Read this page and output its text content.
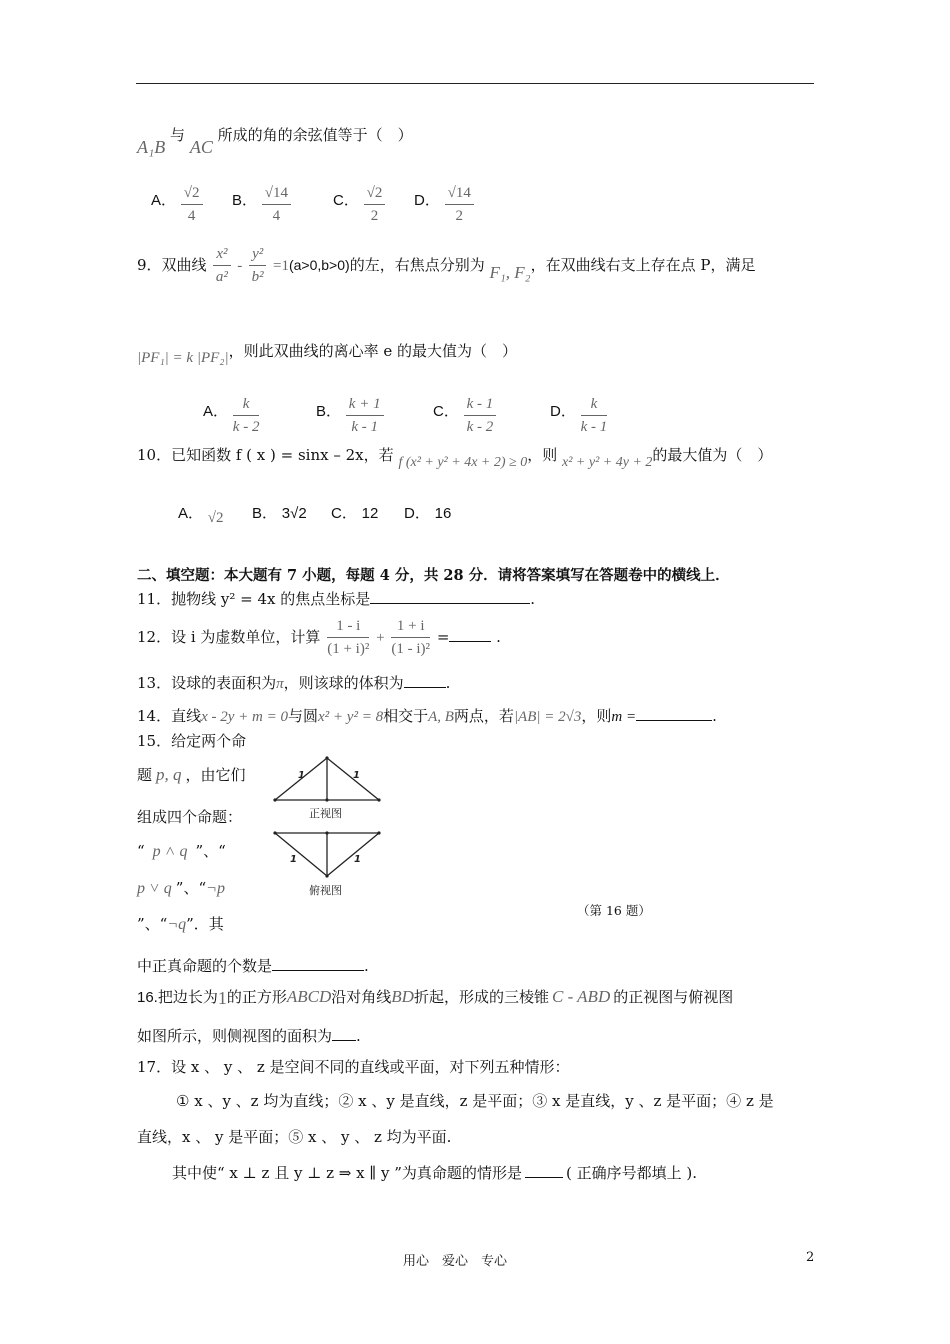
A₁B 与 AC 所成的角的余弦值等于（　）
A． $\frac{√2}{4}$ B． $\frac{√14}{4}$	C． $\frac{√2}{2}$ D． $\frac{√14}{2}$
9．双曲线 $\frac{\text{x²}}{\text{a²}} - \frac{\text{y²}}{\text{b²}} =1(a>0,b>0)$的左，右焦点分别为 F₁, F₂，在双曲线右支上存在点 P，满足
|PF₁| = k |PF₂|，则此双曲线的离心率 e 的最大值为（　）
A． $\frac{k}{k - 2}$	B． $\frac{k + 1}{k - 1}$	C． $\frac{k - 1}{k - 2}$	D． $\frac{k}{k - 1}$
10．已知函数 f ( x ) = sinx – 2x，若 f (x² + y² + 4x + 2) ≥ 0，则 x² + y² + 4y + 2的最大值为（　）
A． √2 B． 3√2 C． 12 D． 16
二、填空题：本大题有 7 小题，每题 4 分，共 28 分．请将答案填写在答题卷中的横线上．
11．抛物线 y² = 4x 的焦点坐标是	.
12．设 i 为虚数单位，计算 $\frac{1 - i}{\text{(1 + i)²}} + \frac{1 + i}{\text{(1 - i)²}}$ =	.
13．设球的表面积为π，则该球的体积为	.
14．直线x - 2y + m = 0与圆x² + y² = 8相交于A, B两点，若|AB| = 2√3，则m =	.
15．给定两个命
题 p, q ，由它们
组成四个命题：
“ p ˄ q ”、“
p ˅ q ”、“¬p
”、“¬q”．其
中正真命题的个数是	.
1	1
正视图
1	1
俯视图
（第 16 题）
16.把边长为1的正方形ABCD沿对角线BD折起，形成的三棱锥 C - ABD 的正视图与俯视图
如图所示，则侧视图的面积为 .
17．设 x 、 y 、 z 是空间不同的直线或平面，对下列五种情形：
① x 、y 、z 均为直线；② x 、y 是直线，z 是平面；③ x 是直线，y 、z 是平面；④ z 是
直线，x 、 y 是平面；⑤ x 、 y 、 z 均为平面.
其中使“ x ⊥ z 且 y ⊥ z ⇒ x ∥ y ”为真命题的情形是	( 正确序号都填上 ).
用心　爱心　专心	2
